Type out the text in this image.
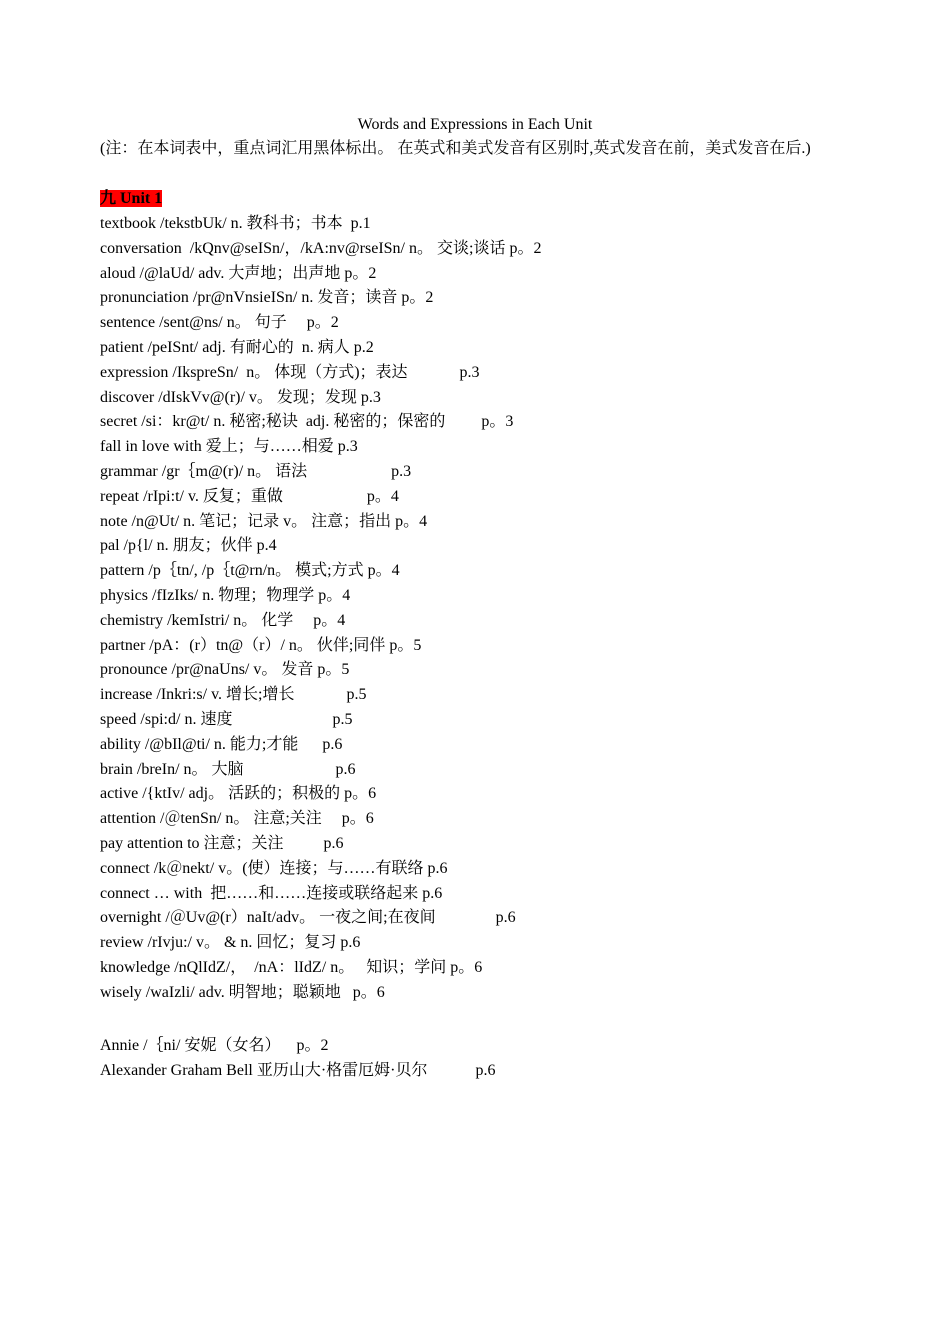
Words and Expressions in Each Unit
(注：在本词表中，重点词汇用黑体标出。 在英式和美式发音有区别时,英式发音在前，美式发音在后.)
九 Unit 1
textbook /tekstbUk/ n. 教科书；书本  p.1
conversation  /kQnv@seISn/，/kA:nv@rseISn/ n。 交谈;谈话 p。2
aloud /@laUd/ adv. 大声地；出声地 p。2
pronunciation /pr@nVnsieISn/ n. 发音；读音 p。2
sentence /sent@ns/ n。 句子     p。2
patient /peISnt/ adj. 有耐心的  n. 病人 p.2
expression /IkspreSn/  n。 体现（方式)；表达             p.3
discover /dIskVv@(r)/ v。 发现；发现 p.3
secret /si：kr@t/ n. 秘密;秘诀  adj. 秘密的；保密的         p。3
fall in love with 爱上；与……相爱 p.3
grammar /gr｛m@(r)/ n。 语法                     p.3
repeat /rIpi:t/ v. 反复；重做                     p。4
note /n@Ut/ n. 笔记；记录 v。 注意；指出 p。4
pal /p{l/ n. 朋友；伙伴 p.4
pattern /p｛tn/, /p｛t@rn/n。 模式;方式 p。4
physics /fIzIks/ n. 物理；物理学 p。4
chemistry /kemIstri/ n。 化学     p。4
partner /pA：(r）tn@（r）/ n。 伙伴;同伴 p。5
pronounce /pr@naUns/ v。 发音 p。5
increase /Inkri:s/ v. 增长;增长             p.5
speed /spi:d/ n. 速度                         p.5
ability /@bIl@ti/ n. 能力;才能      p.6
brain /breIn/ n。 大脑                       p.6
active /{ktIv/ adj。 活跃的；积极的 p。6
attention /＠tenSn/ n。 注意;关注     p。6
pay attention to 注意；关注          p.6
connect /k＠nekt/ v。(使）连接；与……有联络 p.6
connect … with  把……和……连接或联络起来 p.6
overnight /＠Uv@(r）naIt/adv。 一夜之间;在夜间               p.6
review /rIvju:/ v。 & n. 回忆；复习 p.6
knowledge /nQlIdZ/，  /nA：lIdZ/ n。   知识；学问 p。6
wisely /waIzli/ adv. 明智地；聪颖地   p。6
Annie /｛ni/ 安妮（女名）    p。2
Alexander Graham Bell 亚历山大·格雷厄姆·贝尔            p.6
